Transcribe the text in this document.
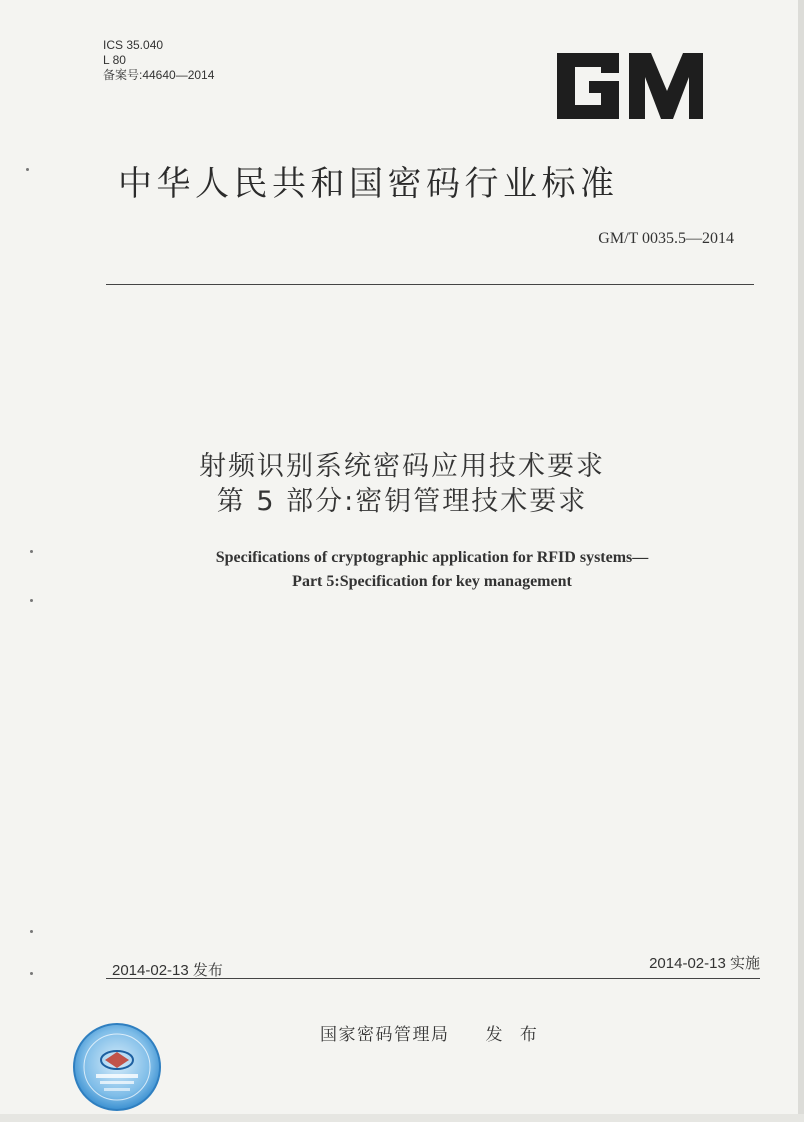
ICS 35.040
L 80
备案号:44640—2014
中华人民共和国密码行业标准
GM/T 0035.5—2014
射频识别系统密码应用技术要求
第 5 部分:密钥管理技术要求
Specifications of cryptographic application for RFID systems—
Part 5:Specification for key management
2014-02-13 发布	2014-02-13 实施
国家密码管理局 发 布
